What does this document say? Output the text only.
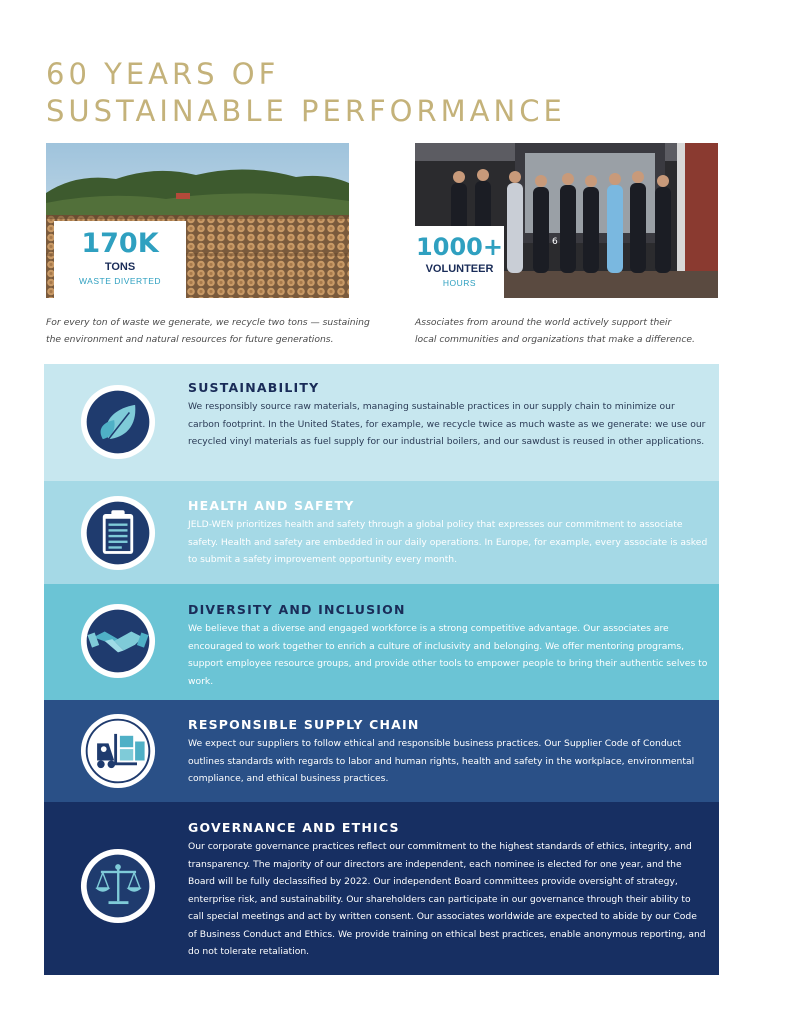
60 YEARS OF
SUSTAINABLE PERFORMANCE
170K
TONS
WASTE DIVERTED
6
1000+
VOLUNTEER
HOURS

For every ton of waste we generate, we recycle two tons — sustaining
the environment and natural resources for future generations.

Associates from around the world actively support their
local communities and organizations that make a difference.

SUSTAINABILITY

We responsibly source raw materials, managing sustainable practices in our supply chain to minimize our carbon footprint. In the United States, for example, we recycle twice as much waste as we generate: we use our recycled vinyl materials as fuel supply for our industrial boilers, and our sawdust is reused in other applications.

HEALTH AND SAFETY

JELD-WEN prioritizes health and safety through a global policy that expresses our commitment to associate safety. Health and safety are embedded in our daily operations. In Europe, for example, every associate is asked to submit a safety improvement opportunity every month.

DIVERSITY AND INCLUSION

We believe that a diverse and engaged workforce is a strong competitive advantage. Our associates are encouraged to work together to enrich a culture of inclusivity and belonging. We offer mentoring programs, support employee resource groups, and provide other tools to empower people to bring their authentic selves to work.

RESPONSIBLE SUPPLY CHAIN

We expect our suppliers to follow ethical and responsible business practices. Our Supplier Code of Conduct outlines standards with regards to labor and human rights, health and safety in the workplace, environmental compliance, and ethical business practices.

GOVERNANCE AND ETHICS

Our corporate governance practices reflect our commitment to the highest standards of ethics, integrity, and transparency. The majority of our directors are independent, each nominee is elected for one year, and the Board will be fully declassified by 2022. Our independent Board committees provide oversight of strategy, enterprise risk, and sustainability. Our shareholders can participate in our governance through their ability to call special meetings and act by written consent. Our associates worldwide are expected to abide by our Code of Business Conduct and Ethics. We provide training on ethical best practices, enable anonymous reporting, and do not tolerate retaliation.
